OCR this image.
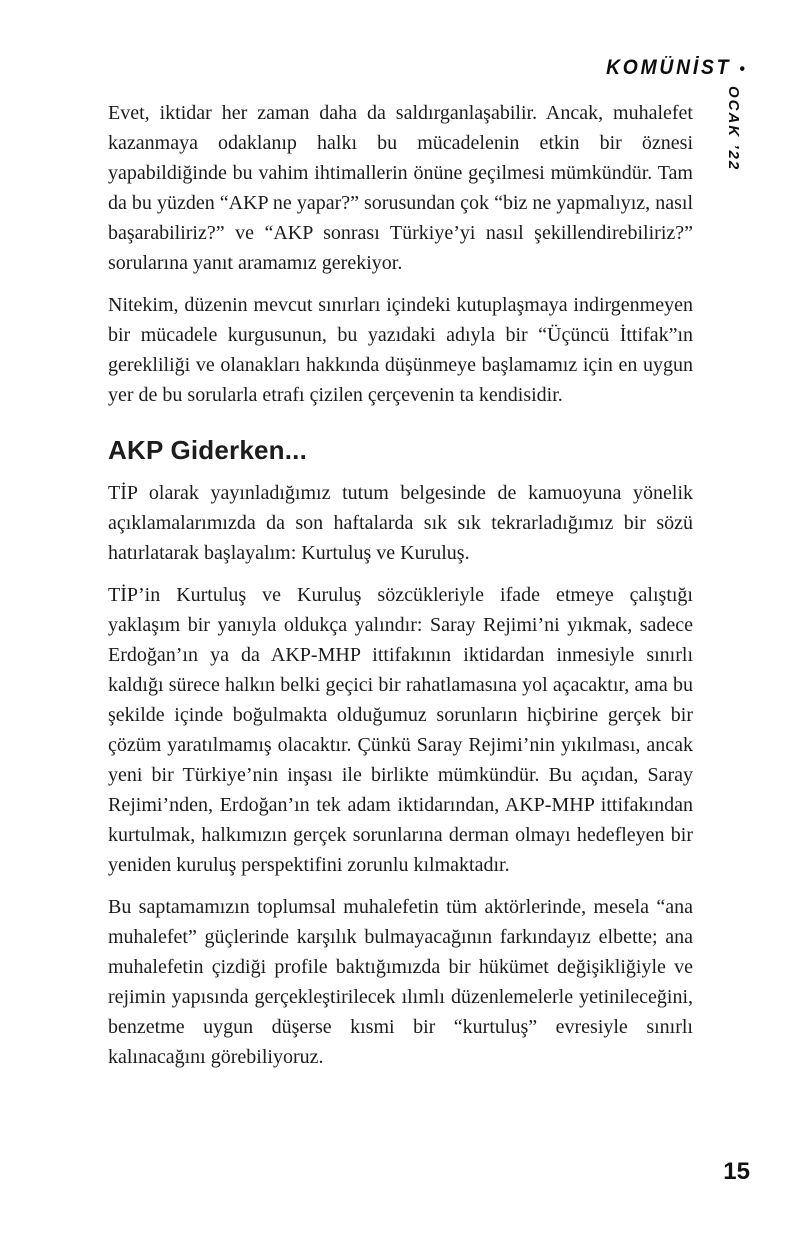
KOMÜNİST •
OCAK ’22

Evet, iktidar her zaman daha da saldırganlaşabilir. Ancak, muhalefet kazanmaya odaklanıp halkı bu mücadelenin etkin bir öznesi yapabildiğinde bu vahim ihtimallerin önüne geçilmesi mümkündür. Tam da bu yüzden “AKP ne yapar?” sorusundan çok “biz ne yapmalıyız, nasıl başarabiliriz?” ve “AKP sonrası Türkiye’yi nasıl şekillendirebiliriz?” sorularına yanıt aramamız gerekiyor.

Nitekim, düzenin mevcut sınırları içindeki kutuplaşmaya indirgenmeyen bir mücadele kurgusunun, bu yazıdaki adıyla bir “Üçüncü İttifak”ın gerekliliği ve olanakları hakkında düşünmeye başlamamız için en uygun yer de bu sorularla etrafı çizilen çerçevenin ta kendisidir.

AKP Giderken...

TİP olarak yayınladığımız tutum belgesinde de kamuoyuna yönelik açıklamalarımızda da son haftalarda sık sık tekrarladığımız bir sözü hatırlatarak başlayalım: Kurtuluş ve Kuruluş.

TİP’in Kurtuluş ve Kuruluş sözcükleriyle ifade etmeye çalıştığı yaklaşım bir yanıyla oldukça yalındır: Saray Rejimi’ni yıkmak, sadece Erdoğan’ın ya da AKP-MHP ittifakının iktidardan inmesiyle sınırlı kaldığı sürece halkın belki geçici bir rahatlamasına yol açacaktır, ama bu şekilde içinde boğulmakta olduğumuz sorunların hiçbirine gerçek bir çözüm yaratılmamış olacaktır. Çünkü Saray Rejimi’nin yıkılması, ancak yeni bir Türkiye’nin inşası ile birlikte mümkündür. Bu açıdan, Saray Rejimi’nden, Erdoğan’ın tek adam iktidarından, AKP-MHP ittifakından kurtulmak, halkımızın gerçek sorunlarına derman olmayı hedefleyen bir yeniden kuruluş perspektifini zorunlu kılmaktadır.

Bu saptamamızın toplumsal muhalefetin tüm aktörlerinde, mesela “ana muhalefet” güçlerinde karşılık bulmayacağının farkındayız elbette; ana muhalefetin çizdiği profile baktığımızda bir hükümet değişikliğiyle ve rejimin yapısında gerçekleştirilecek ılımlı düzenlemelerle yetinileceğini, benzetme uygun düşerse kısmi bir “kurtuluş” evresiyle sınırlı kalınacağını görebiliyoruz.

15
